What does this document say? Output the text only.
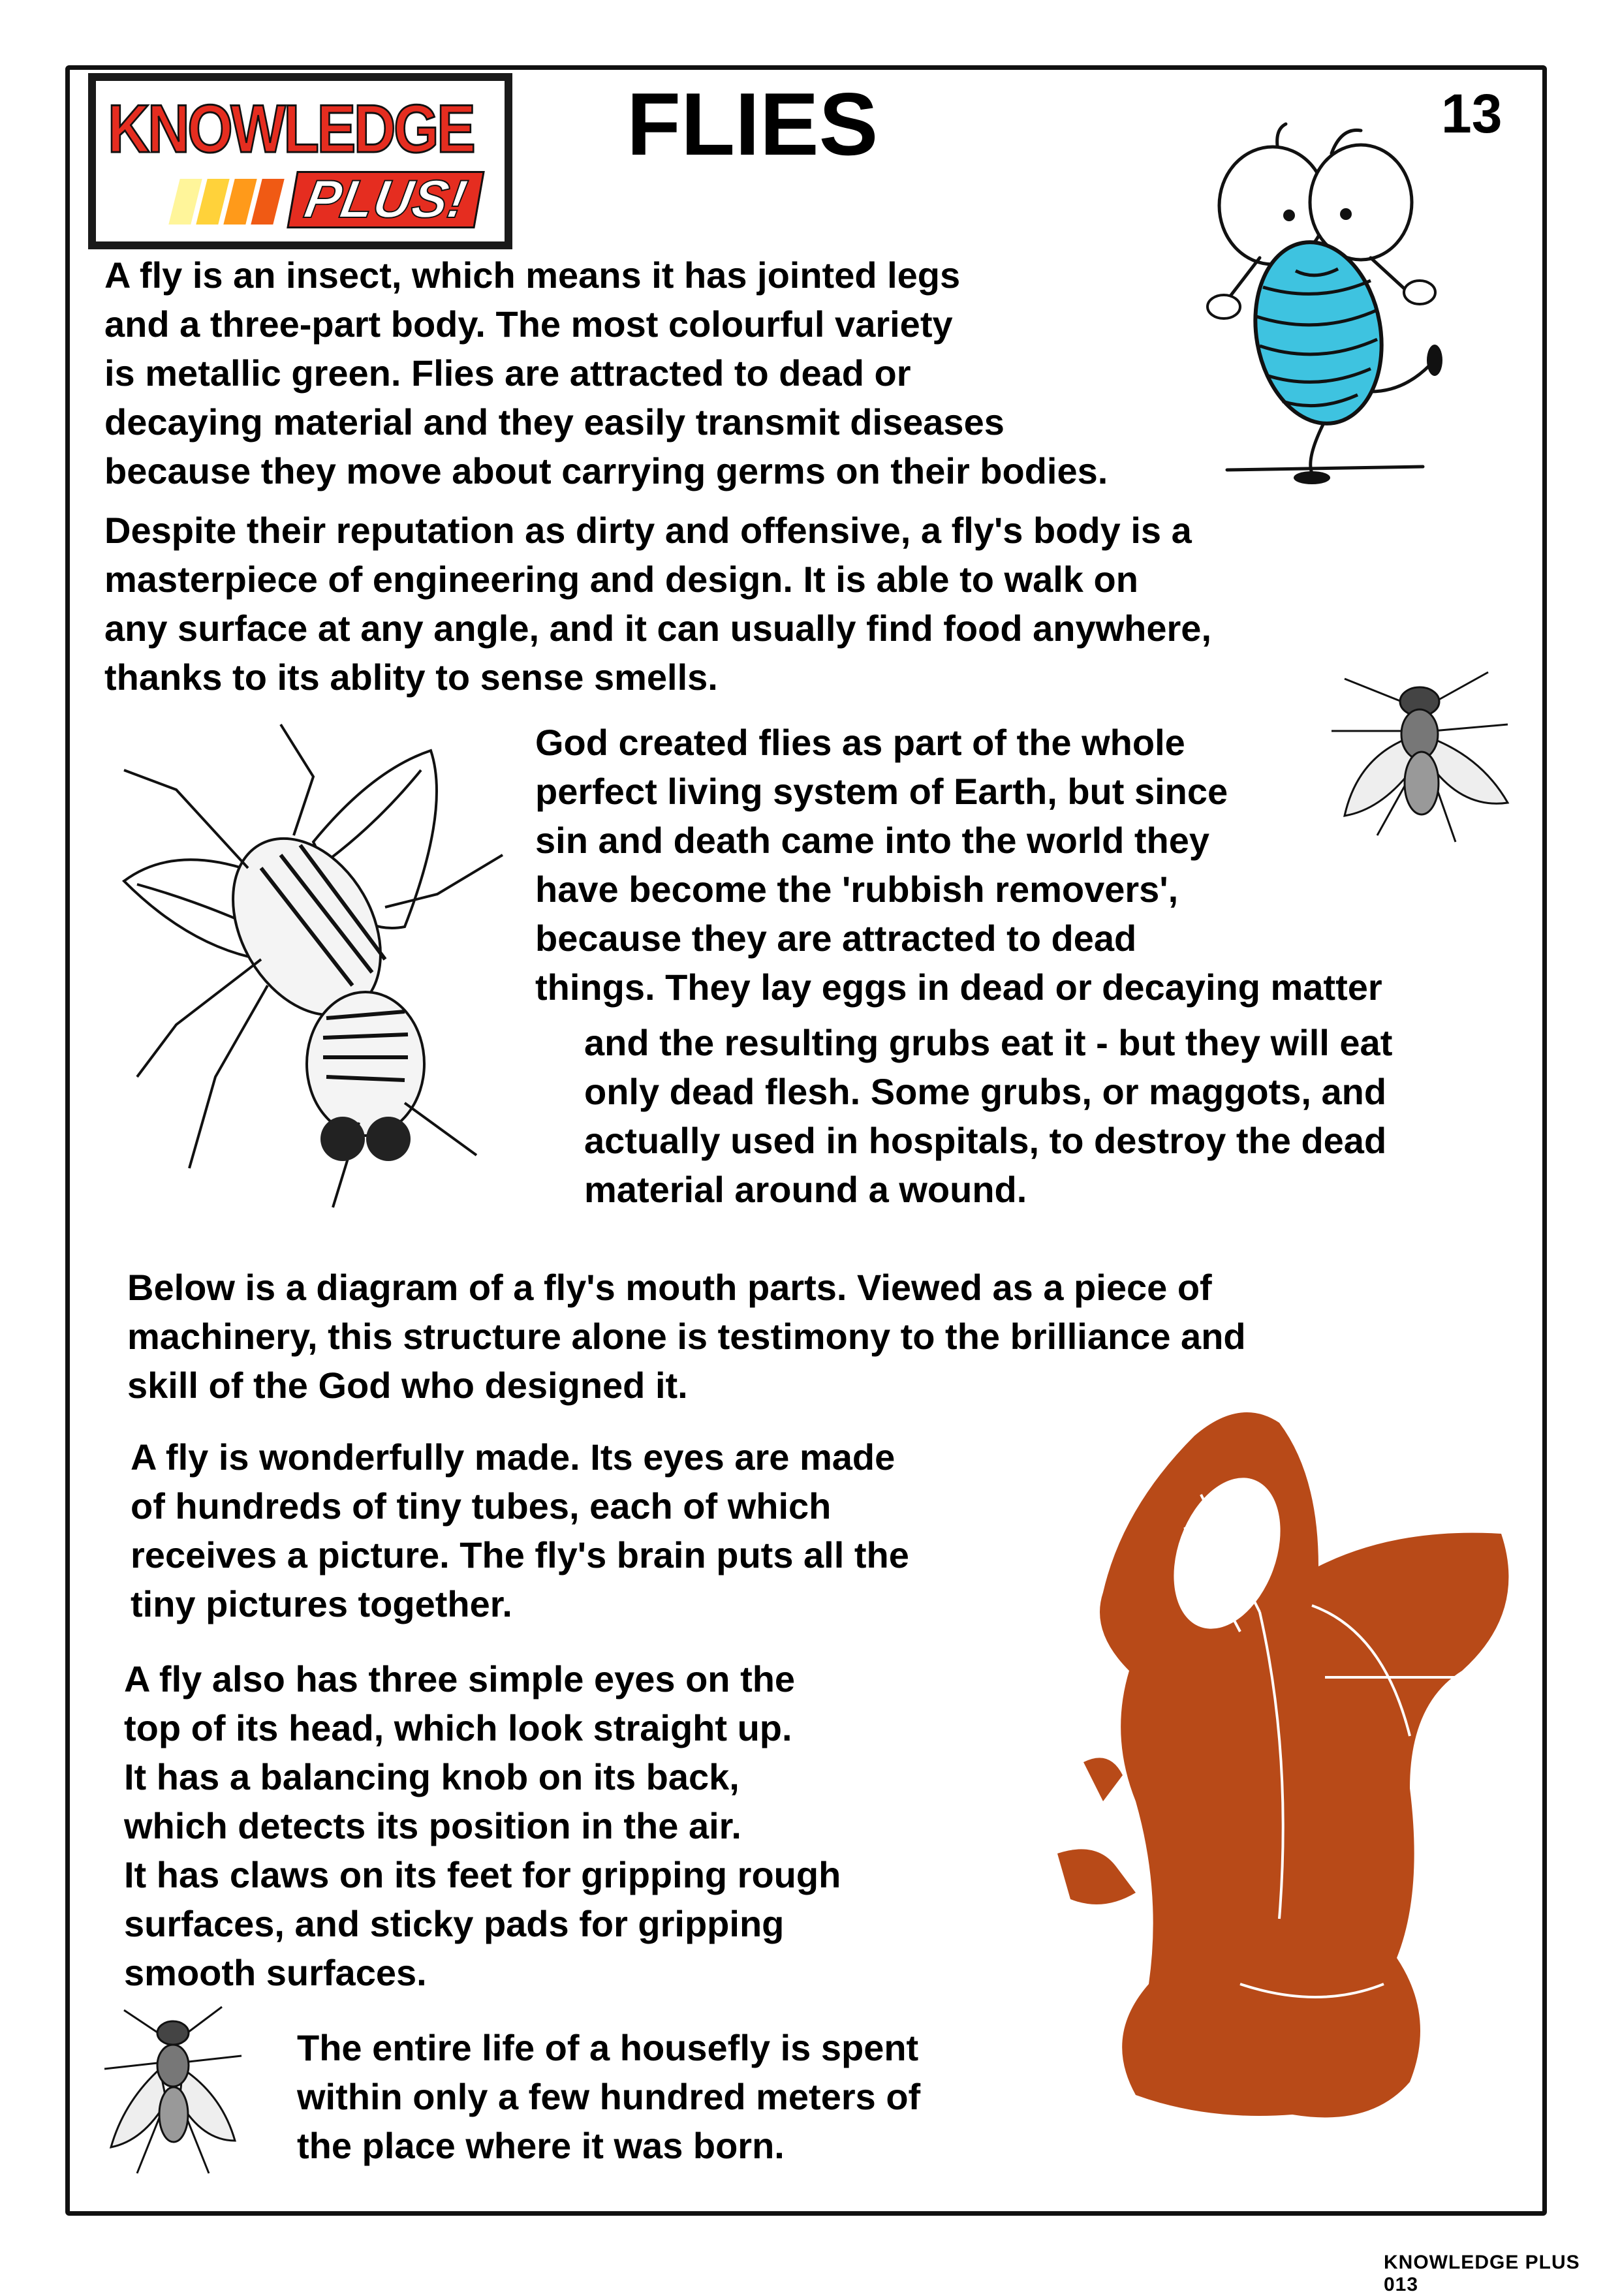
KNOWLEDGE
PLUS!
FLIES	13

A fly is an insect, which means it has jointed legs
and a three-part body. The most colourful variety
is metallic green. Flies are attracted to dead or
decaying material and they easily transmit diseases
because they move about carrying germs on their bodies.

Despite their reputation as dirty and offensive, a fly's body is a
masterpiece of engineering and design. It is able to walk on
any surface at any angle, and it can usually find food anywhere,
thanks to its ablity to sense smells.

God created flies as part of the whole
perfect living system of Earth, but since
sin and death came into the world they
have become the 'rubbish removers',
because they are attracted to dead
things. They lay eggs in dead or decaying matter

and the resulting grubs eat it - but they will eat
only dead flesh. Some grubs, or maggots, and
actually used in hospitals, to destroy the dead
material around a wound.

Below is a diagram of a fly's mouth parts. Viewed as a piece of
machinery, this structure alone is testimony to the brilliance and
skill of the God who designed it.

A fly is wonderfully made. Its eyes are made
of hundreds of tiny tubes, each of which
receives a picture. The fly's brain puts all the
tiny pictures together.

A fly also has three simple eyes on the
top of its head, which look straight up.
It has a balancing knob on its back,
which detects its position in the air.
It has claws on its feet for gripping rough
surfaces, and sticky pads for gripping
smooth surfaces.

The entire life of a housefly is spent
within only a few hundred meters of
the place where it was born.

KNOWLEDGE PLUS 013
